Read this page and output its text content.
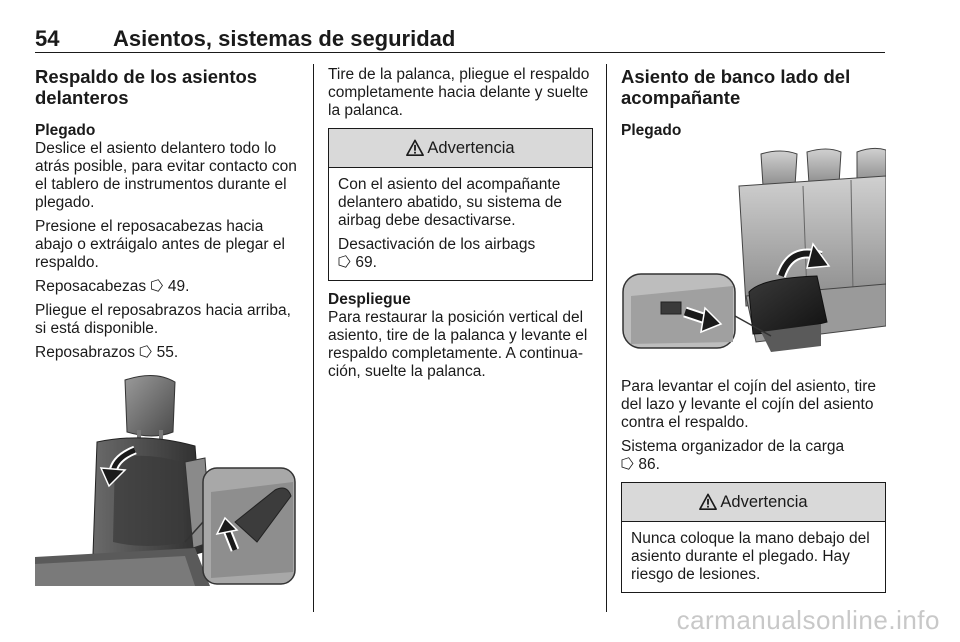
54 Asientos, sistemas de seguridad
Respaldo de los asientos delanteros
Plegado

Deslice el asiento delantero todo lo atrás posible, para evitar contacto con el tablero de instrumentos durante el plegado.

Presione el reposacabezas hacia abajo o extráigalo antes de plegar el respaldo.

Reposacabezas ⭔ 49.

Pliegue el reposabrazos hacia arriba, si está disponible.

Reposabrazos ⭔ 55.

Tire de la palanca, pliegue el respaldo completamente hacia delante y suelte la palanca.

Advertencia

Con el asiento del acompañante delantero abatido, su sistema de airbag debe desactivarse.

Desactivación de los airbags
⭔ 69.

Despliegue

Para restaurar la posición vertical del asiento, tire de la palanca y levante el respaldo completamente. A continua- ción, suelte la palanca.

Asiento de banco lado del acompañante
Plegado

Para levantar el cojín del asiento, tire del lazo y levante el cojín del asiento contra el respaldo.

Sistema organizador de la carga
⭔ 86.

Advertencia

Nunca coloque la mano debajo del asiento durante el plegado. Hay riesgo de lesiones.

carmanualsonline.info
